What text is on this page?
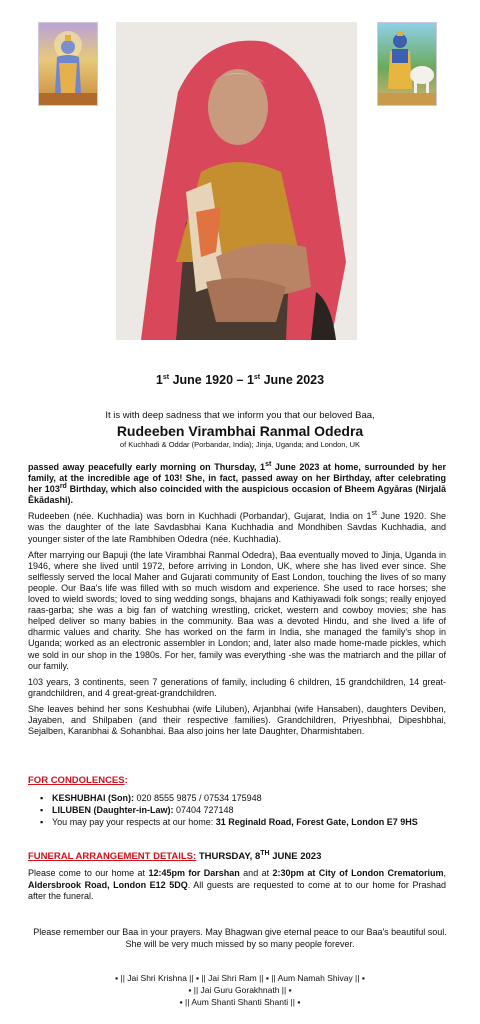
1st June 1920 – 1st June 2023
It is with deep sadness that we inform you that our beloved Baa,
Rudeeben Virambhai Ranmal Odedra
of Kuchhadi & Oddar (Porbandar, India); Jinja, Uganda; and London, UK

passed away peacefully early morning on Thursday, 1st June 2023 at home, surrounded by her family, at the incredible age of 103! She, in fact, passed away on her Birthday, after celebrating her 103rd Birthday, which also coincided with the auspicious occasion of Bheem Agyāras (Nirjalā Ēkādashi).

Rudeeben (née. Kuchhadia) was born in Kuchhadi (Porbandar), Gujarat, India on 1st June 1920. She was the daughter of the late Savdasbhai Kana Kuchhadia and Mondhiben Savdas Kuchhadia, and younger sister of the late Rambhiben Odedra (née. Kuchhadia).

After marrying our Bapuji (the late Virambhai Ranmal Odedra), Baa eventually moved to Jinja, Uganda in 1946, where she lived until 1972, before arriving in London, UK, where she has lived ever since. She selflessly served the local Maher and Gujarati community of East London, touching the lives of so many people. Our Baa's life was filled with so much wisdom and experience. She used to race horses; she loved to wield swords; loved to sing wedding songs, bhajans and Kathiyawadi folk songs; really enjoyed raas-garba; she was a big fan of watching wrestling, cricket, western and cowboy movies; she has helped deliver so many babies in the community. Baa was a devoted Hindu, and she lived a life of dharmic values and charity. She has worked on the farm in India, she managed the family's shop in Uganda; worked as an electronic assembler in London; and, later also made home-made pickles, which we sold in our shop in the 1980s. For her, family was everything -she was the matriarch and the pillar of our family.

103 years, 3 continents, seen 7 generations of family, including 6 children, 15 grandchildren, 14 great-grandchildren, and 4 great-great-grandchildren.

She leaves behind her sons Keshubhai (wife Liluben), Arjanbhai (wife Hansaben), daughters Deviben, Jayaben, and Shilpaben (and their respective families). Grandchildren, Priyeshbhai, Dipeshbhai, Sejalben, Karanbhai & Sohanbhai. Baa also joins her late Daughter, Dharmishtaben.

FOR CONDOLENCES:
▪ KESHUBHAI (Son): 020 8555 9875 / 07534 175948
▪ LILUBEN (Daughter-in-Law): 07404 727148
▪ You may pay your respects at our home: 31 Reginald Road, Forest Gate, London E7 9HS
FUNERAL ARRANGEMENT DETAILS: THURSDAY, 8TH JUNE 2023
Please come to our home at 12:45pm for Darshan and at 2:30pm at City of London Crematorium, Aldersbrook Road, London E12 5DQ. All guests are requested to come at to our home for Prashad after the funeral.
Please remember our Baa in your prayers. May Bhagwan give eternal peace to our Baa's beautiful soul. She will be very much missed by so many people forever.
▪ || Jai Shri Krishna || ▪ || Jai Shri Ram || ▪ || Aum Namah Shivay || ▪
▪ || Jai Guru Gorakhnath || ▪
▪ || Aum Shanti Shanti Shanti || ▪
